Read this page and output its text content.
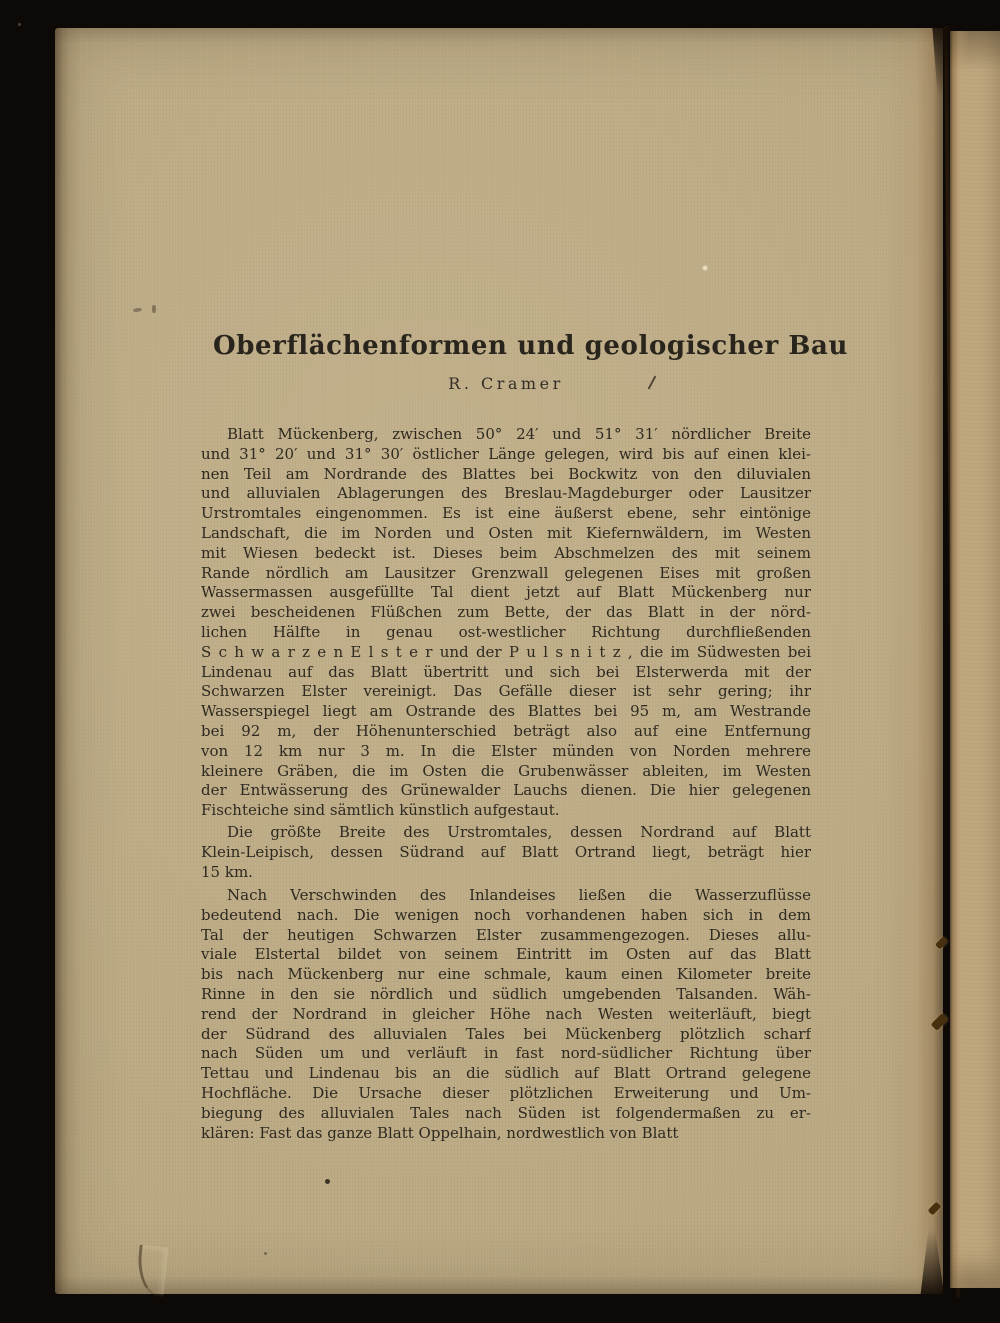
Oberflächenformen und geologischer Bau
R. Cramer
Blatt Mückenberg, zwischen 50° 24′ und 51° 31′ nördlicher Breite
und 31° 20′ und 31° 30′ östlicher Länge gelegen, wird bis auf einen klei-
nen Teil am Nordrande des Blattes bei Bockwitz von den diluvialen
und alluvialen Ablagerungen des Breslau-Magdeburger oder Lausitzer
Urstromtales eingenommen. Es ist eine äußerst ebene, sehr eintönige
Landschaft, die im Norden und Osten mit Kiefernwäldern, im Westen
mit Wiesen bedeckt ist. Dieses beim Abschmelzen des mit seinem
Rande nördlich am Lausitzer Grenzwall gelegenen Eises mit großen
Wassermassen ausgefüllte Tal dient jetzt auf Blatt Mückenberg nur
zwei bescheidenen Flüßchen zum Bette, der das Blatt in der nörd-
lichen Hälfte in genau ost-westlicher Richtung durchfließenden
S c h w a r z e n E l s t e r und der P u l s n i t z , die im Südwesten bei
Lindenau auf das Blatt übertritt und sich bei Elsterwerda mit der
Schwarzen Elster vereinigt. Das Gefälle dieser ist sehr gering; ihr
Wasserspiegel liegt am Ostrande des Blattes bei 95 m, am Westrande
bei 92 m, der Höhenunterschied beträgt also auf eine Entfernung
von 12 km nur 3 m. In die Elster münden von Norden mehrere
kleinere Gräben, die im Osten die Grubenwässer ableiten, im Westen
der Entwässerung des Grünewalder Lauchs dienen. Die hier gelegenen
Fischteiche sind sämtlich künstlich aufgestaut.
Die größte Breite des Urstromtales, dessen Nordrand auf Blatt
Klein-Leipisch, dessen Südrand auf Blatt Ortrand liegt, beträgt hier
15 km.
Nach Verschwinden des Inlandeises ließen die Wasserzuflüsse
bedeutend nach. Die wenigen noch vorhandenen haben sich in dem
Tal der heutigen Schwarzen Elster zusammengezogen. Dieses allu-
viale Elstertal bildet von seinem Eintritt im Osten auf das Blatt
bis nach Mückenberg nur eine schmale, kaum einen Kilometer breite
Rinne in den sie nördlich und südlich umgebenden Talsanden. Wäh-
rend der Nordrand in gleicher Höhe nach Westen weiterläuft, biegt
der Südrand des alluvialen Tales bei Mückenberg plötzlich scharf
nach Süden um und verläuft in fast nord-südlicher Richtung über
Tettau und Lindenau bis an die südlich auf Blatt Ortrand gelegene
Hochfläche. Die Ursache dieser plötzlichen Erweiterung und Um-
biegung des alluvialen Tales nach Süden ist folgendermaßen zu er-
klären: Fast das ganze Blatt Oppelhain, nordwestlich von Blatt
